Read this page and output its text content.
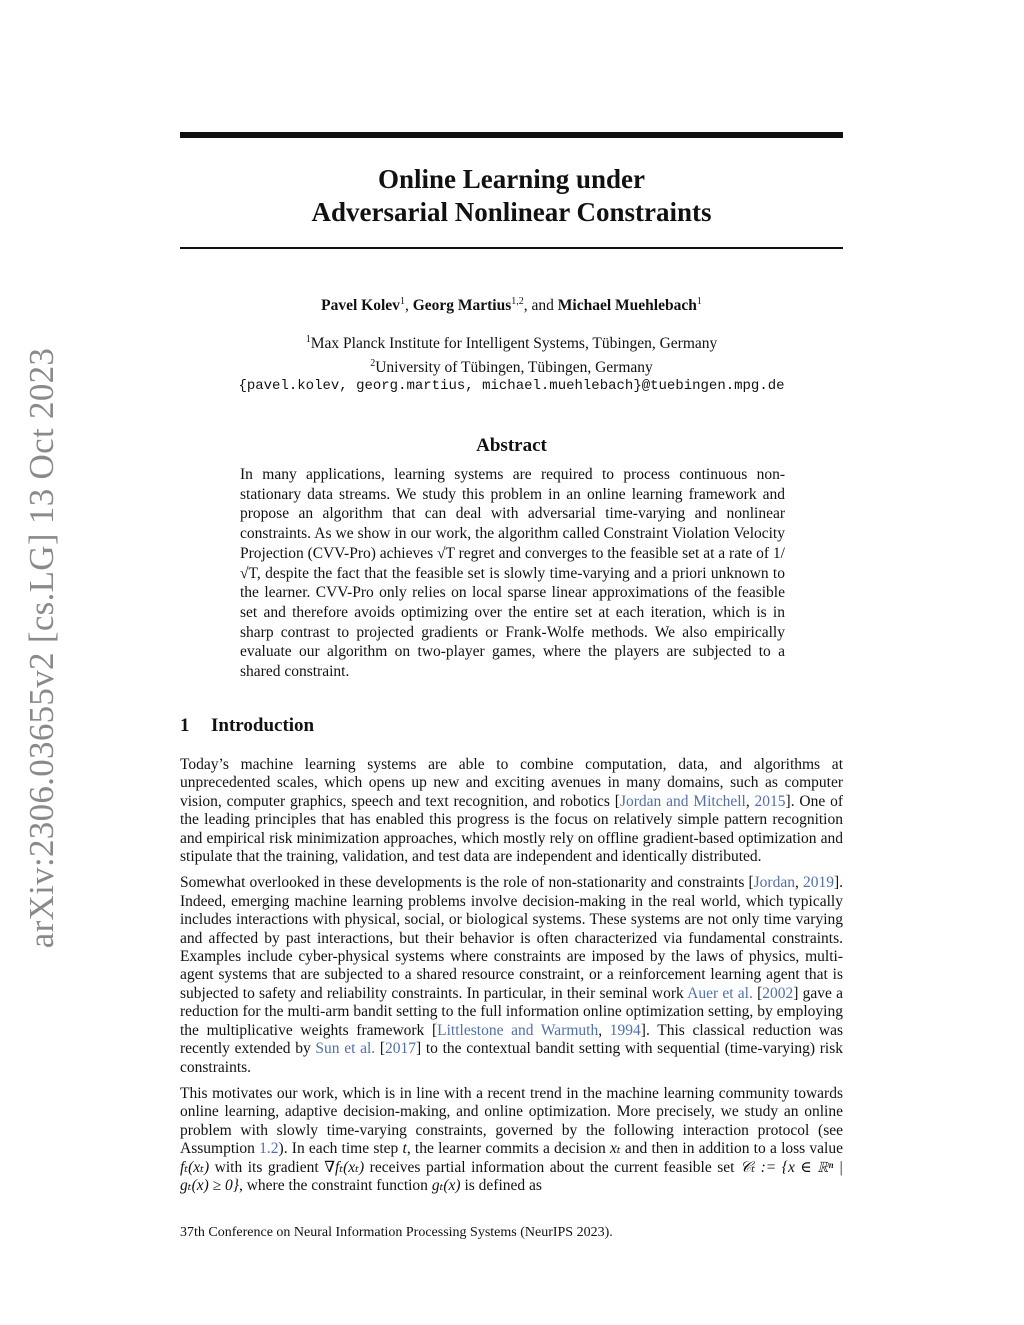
arXiv:2306.03655v2 [cs.LG] 13 Oct 2023
Online Learning under
Adversarial Nonlinear Constraints
Pavel Kolev$^1$, Georg Martius$^{1,2}$, and Michael Muehlebach$^1$
$^1$Max Planck Institute for Intelligent Systems, Tübingen, Germany
$^2$University of Tübingen, Tübingen, Germany
{pavel.kolev, georg.martius, michael.muehlebach}@tuebingen.mpg.de
Abstract
In many applications, learning systems are required to process continuous non-stationary data streams. We study this problem in an online learning framework and propose an algorithm that can deal with adversarial time-varying and nonlinear constraints. As we show in our work, the algorithm called Constraint Violation Velocity Projection (CVV-Pro) achieves √T regret and converges to the feasible set at a rate of 1/√T, despite the fact that the feasible set is slowly time-varying and a priori unknown to the learner. CVV-Pro only relies on local sparse linear approximations of the feasible set and therefore avoids optimizing over the entire set at each iteration, which is in sharp contrast to projected gradients or Frank-Wolfe methods. We also empirically evaluate our algorithm on two-player games, where the players are subjected to a shared constraint.
1 Introduction

Today’s machine learning systems are able to combine computation, data, and algorithms at unprecedented scales, which opens up new and exciting avenues in many domains, such as computer vision, computer graphics, speech and text recognition, and robotics [Jordan and Mitchell, 2015]. One of the leading principles that has enabled this progress is the focus on relatively simple pattern recognition and empirical risk minimization approaches, which mostly rely on offline gradient-based optimization and stipulate that the training, validation, and test data are independent and identically distributed.

Somewhat overlooked in these developments is the role of non-stationarity and constraints [Jordan, 2019]. Indeed, emerging machine learning problems involve decision-making in the real world, which typically includes interactions with physical, social, or biological systems. These systems are not only time varying and affected by past interactions, but their behavior is often characterized via fundamental constraints. Examples include cyber-physical systems where constraints are imposed by the laws of physics, multi-agent systems that are subjected to a shared resource constraint, or a reinforcement learning agent that is subjected to safety and reliability constraints. In particular, in their seminal work Auer et al. [2002] gave a reduction for the multi-arm bandit setting to the full information online optimization setting, by employing the multiplicative weights framework [Littlestone and Warmuth, 1994]. This classical reduction was recently extended by Sun et al. [2017] to the contextual bandit setting with sequential (time-varying) risk constraints.

This motivates our work, which is in line with a recent trend in the machine learning community towards online learning, adaptive decision-making, and online optimization. More precisely, we study an online problem with slowly time-varying constraints, governed by the following interaction protocol (see Assumption 1.2). In each time step t, the learner commits a decision xₜ and then in addition to a loss value fₜ(xₜ) with its gradient ∇fₜ(xₜ) receives partial information about the current feasible set 𝒞ₜ := {x ∈ ℝⁿ | gₜ(x) ≥ 0}, where the constraint function gₜ(x) is defined as

37th Conference on Neural Information Processing Systems (NeurIPS 2023).
